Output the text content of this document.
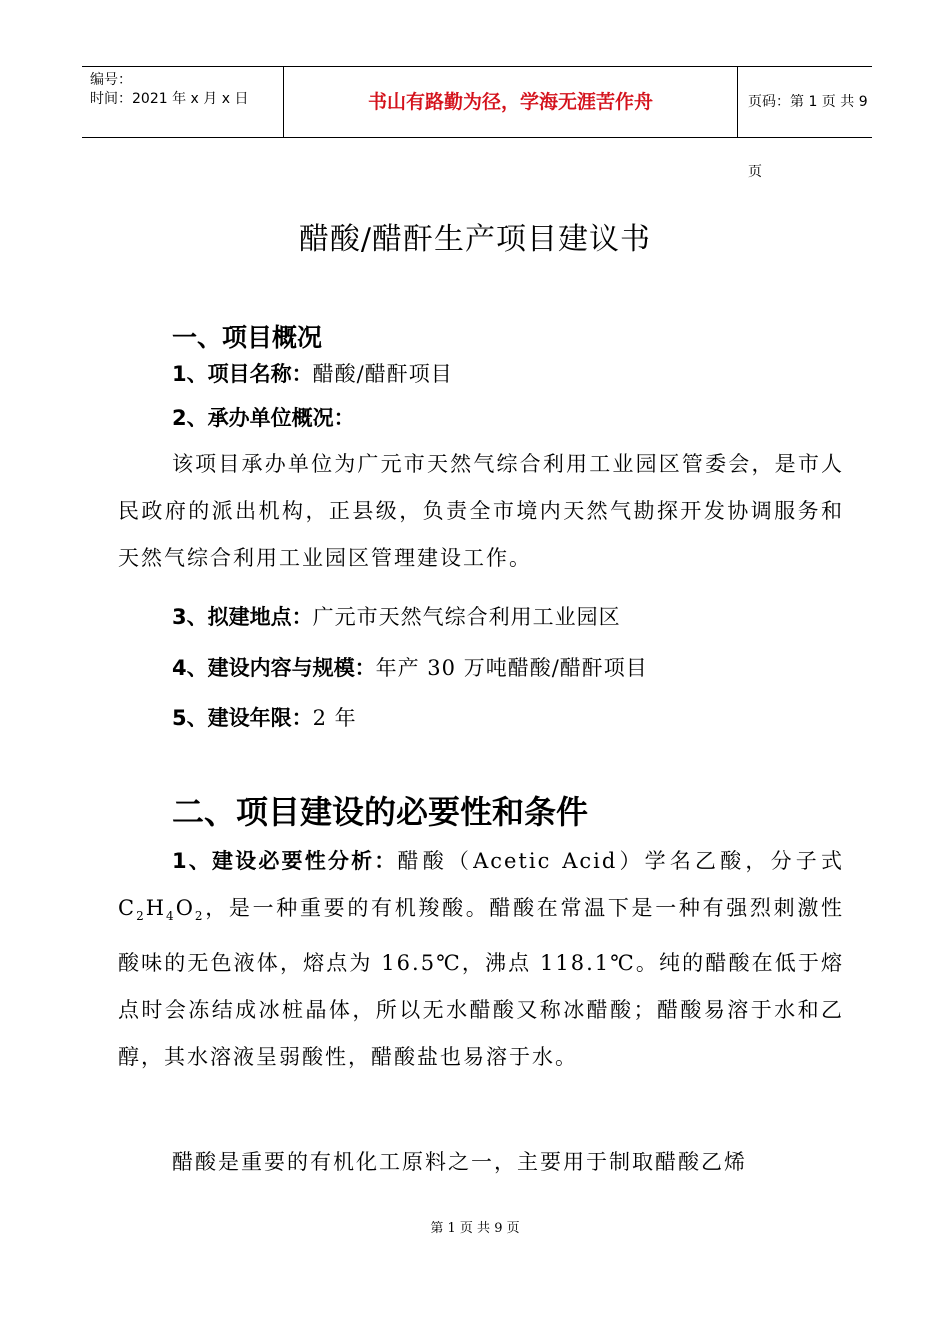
编号：
时间：2021 年 x 月 x 日	书山有路勤为径，学海无涯苦作舟	页码：第 1 页 共 9 页
醋酸/醋酐生产项目建议书
一、项目概况
1、项目名称：醋酸/醋酐项目
2、承办单位概况：
该项目承办单位为广元市天然气综合利用工业园区管委会，是市人民政府的派出机构，正县级，负责全市境内天然气勘探开发协调服务和天然气综合利用工业园区管理建设工作。
3、拟建地点：广元市天然气综合利用工业园区
4、建设内容与规模：年产 30 万吨醋酸/醋酐项目
5、建设年限：2 年
二、项目建设的必要性和条件
1、建设必要性分析：醋酸（Acetic Acid）学名乙酸，分子式 $C_2H_4O_2$，是一种重要的有机羧酸。醋酸在常温下是一种有强烈刺激性酸味的无色液体，熔点为 16.5℃，沸点 118.1℃。纯的醋酸在低于熔点时会冻结成冰桩晶体，所以无水醋酸又称冰醋酸；醋酸易溶于水和乙醇，其水溶液呈弱酸性，醋酸盐也易溶于水。
醋酸是重要的有机化工原料之一，主要用于制取醋酸乙烯
第 1 页 共 9 页
